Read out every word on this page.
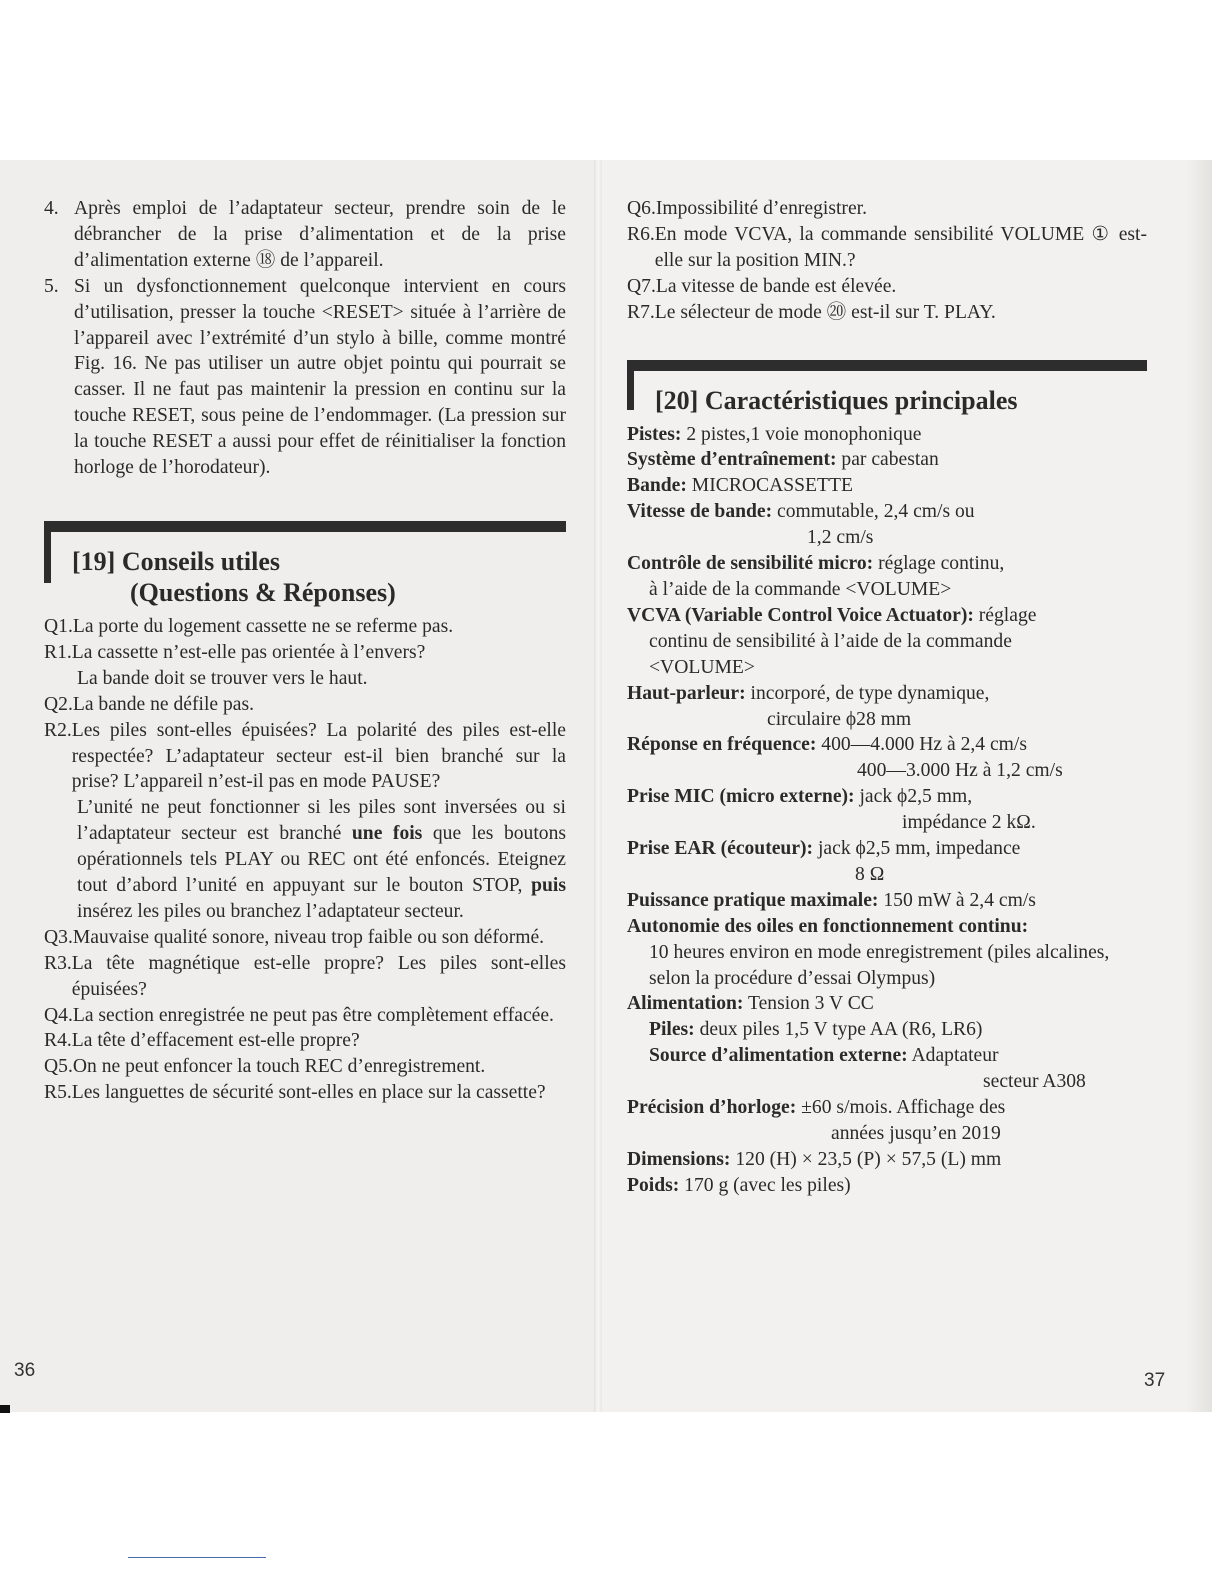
4. Après emploi de l’adaptateur secteur, prendre soin de le débrancher de la prise d’alimentation et de la prise d’alimentation externe ⑱ de l’appareil.
5. Si un dysfonctionnement quelconque intervient en cours d’utilisation, presser la touche <RESET> située à l’arrière de l’appareil avec l’extrémité d’un stylo à bille, comme montré Fig. 16. Ne pas utiliser un autre objet pointu qui pourrait se casser. Il ne faut pas maintenir la pression en continu sur la touche RESET, sous peine de l’endommager. (La pression sur la touche RESET a aussi pour effet de réinitialiser la fonction horloge de l’horodateur).
[19] Conseils utiles
(Questions & Réponses)
Q1. La porte du logement cassette ne se referme pas.
R1. La cassette n’est-elle pas orientée à l’envers?

La bande doit se trouver vers le haut.

Q2. La bande ne défile pas.
R2. Les piles sont-elles épuisées? La polarité des piles est-elle respectée? L’adaptateur secteur est-il bien branché sur la prise? L’appareil n’est-il pas en mode PAUSE?

L’unité ne peut fonctionner si les piles sont inversées ou si l’adaptateur secteur est branché une fois que les boutons opérationnels tels PLAY ou REC ont été enfoncés. Eteignez tout d’abord l’unité en appuyant sur le bouton STOP, puis insérez les piles ou branchez l’adaptateur secteur.

Q3. Mauvaise qualité sonore, niveau trop faible ou son déformé.
R3. La tête magnétique est-elle propre? Les piles sont-elles épuisées?
Q4. La section enregistrée ne peut pas être complètement effacée.
R4. La tête d’effacement est-elle propre?
Q5. On ne peut enfoncer la touch REC d’enregistrement.
R5. Les languettes de sécurité sont-elles en place sur la cassette?
Q6. Impossibilité d’enregistrer.
R6. En mode VCVA, la commande sensibilité VOLUME ① est-elle sur la position MIN.?
Q7. La vitesse de bande est élevée.
R7. Le sélecteur de mode ⑳ est-il sur T. PLAY.
[20] Caractéristiques principales

Pistes: 2 pistes,1 voie monophonique

Système d’entraînement: par cabestan

Bande: MICROCASSETTE

Vitesse de bande: commutable, 2,4 cm/s ou

1,2 cm/s

Contrôle de sensibilité micro: réglage continu,

à l’aide de la commande <VOLUME>

VCVA (Variable Control Voice Actuator): réglage

continu de sensibilité à l’aide de la commande

<VOLUME>

Haut-parleur: incorporé, de type dynamique,

circulaire ϕ28 mm

Réponse en fréquence: 400—4.000 Hz à 2,4 cm/s

400—3.000 Hz à 1,2 cm/s

Prise MIC (micro externe): jack ϕ2,5 mm,

impédance 2 kΩ.

Prise EAR (écouteur): jack ϕ2,5 mm, impedance

8 Ω

Puissance pratique maximale: 150 mW à 2,4 cm/s

Autonomie des oiles en fonctionnement continu:

10 heures environ en mode enregistrement (piles alcalines, selon la procédure d’essai Olympus)

Alimentation: Tension 3 V CC

Piles: deux piles 1,5 V type AA (R6, LR6)

Source d’alimentation externe: Adaptateur

secteur A308

Précision d’horloge: ±60 s/mois. Affichage des

années jusqu’en 2019

Dimensions: 120 (H) × 23,5 (P) × 57,5 (L) mm

Poids: 170 g (avec les piles)

36	37
